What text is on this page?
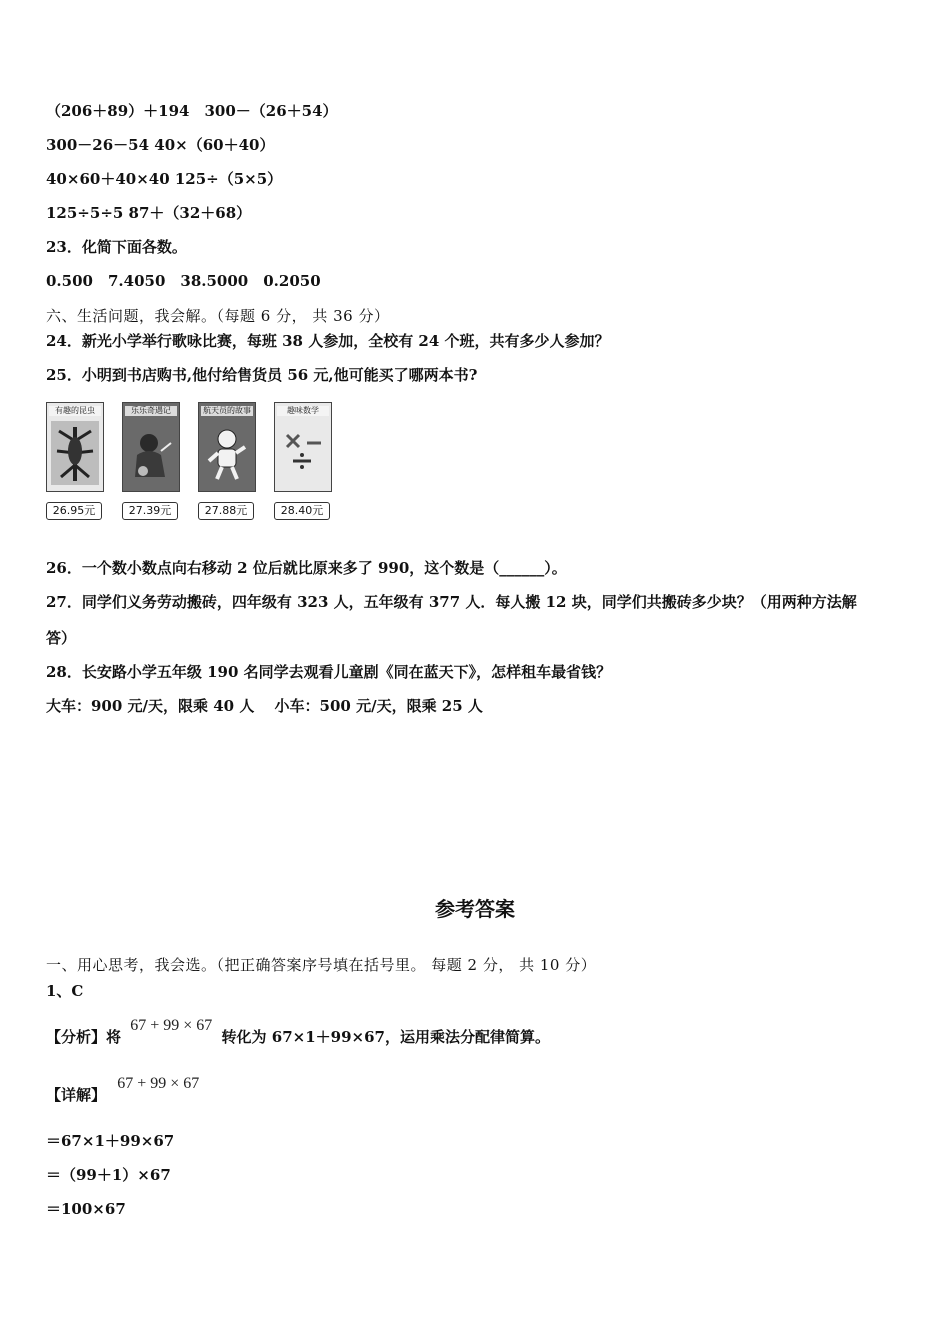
（206＋89）＋194　300－（26＋54）
300－26－54 40×（60＋40）
40×60＋40×40 125÷（5×5）
125÷5÷5 87＋（32＋68）
23．化简下面各数。
0.500　7.4050　38.5000　0.2050
六、生活问题，我会解。（每题 6 分， 共 36 分）
24．新光小学举行歌咏比赛，每班 38 人参加，全校有 24 个班，共有多少人参加？
25．小明到书店购书,他付给售货员 56 元,他可能买了哪两本书?
有趣的昆虫
26.95元
乐乐奇遇记
27.39元
航天员的故事
27.88元
趣味数学
28.40元
26．一个数小数点向右移动 2 位后就比原来多了 990，这个数是（______）。
27．同学们义务劳动搬砖，四年级有 323 人，五年级有 377 人．每人搬 12 块，同学们共搬砖多少块？（用两种方法解
答）
28．长安路小学五年级 190 名同学去观看儿童剧《同在蓝天下》，怎样租车最省钱？
大车：900 元/天，限乘 40 人　 小车：500 元/天，限乘 25 人
参考答案
一、用心思考，我会选。（把正确答案序号填在括号里。 每题 2 分， 共 10 分）
1、C
【分析】将 67 + 99 × 67 转化为 67×1＋99×67，运用乘法分配律简算。
【详解】 67 + 99 × 67
＝67×1＋99×67
＝（99＋1）×67
＝100×67
